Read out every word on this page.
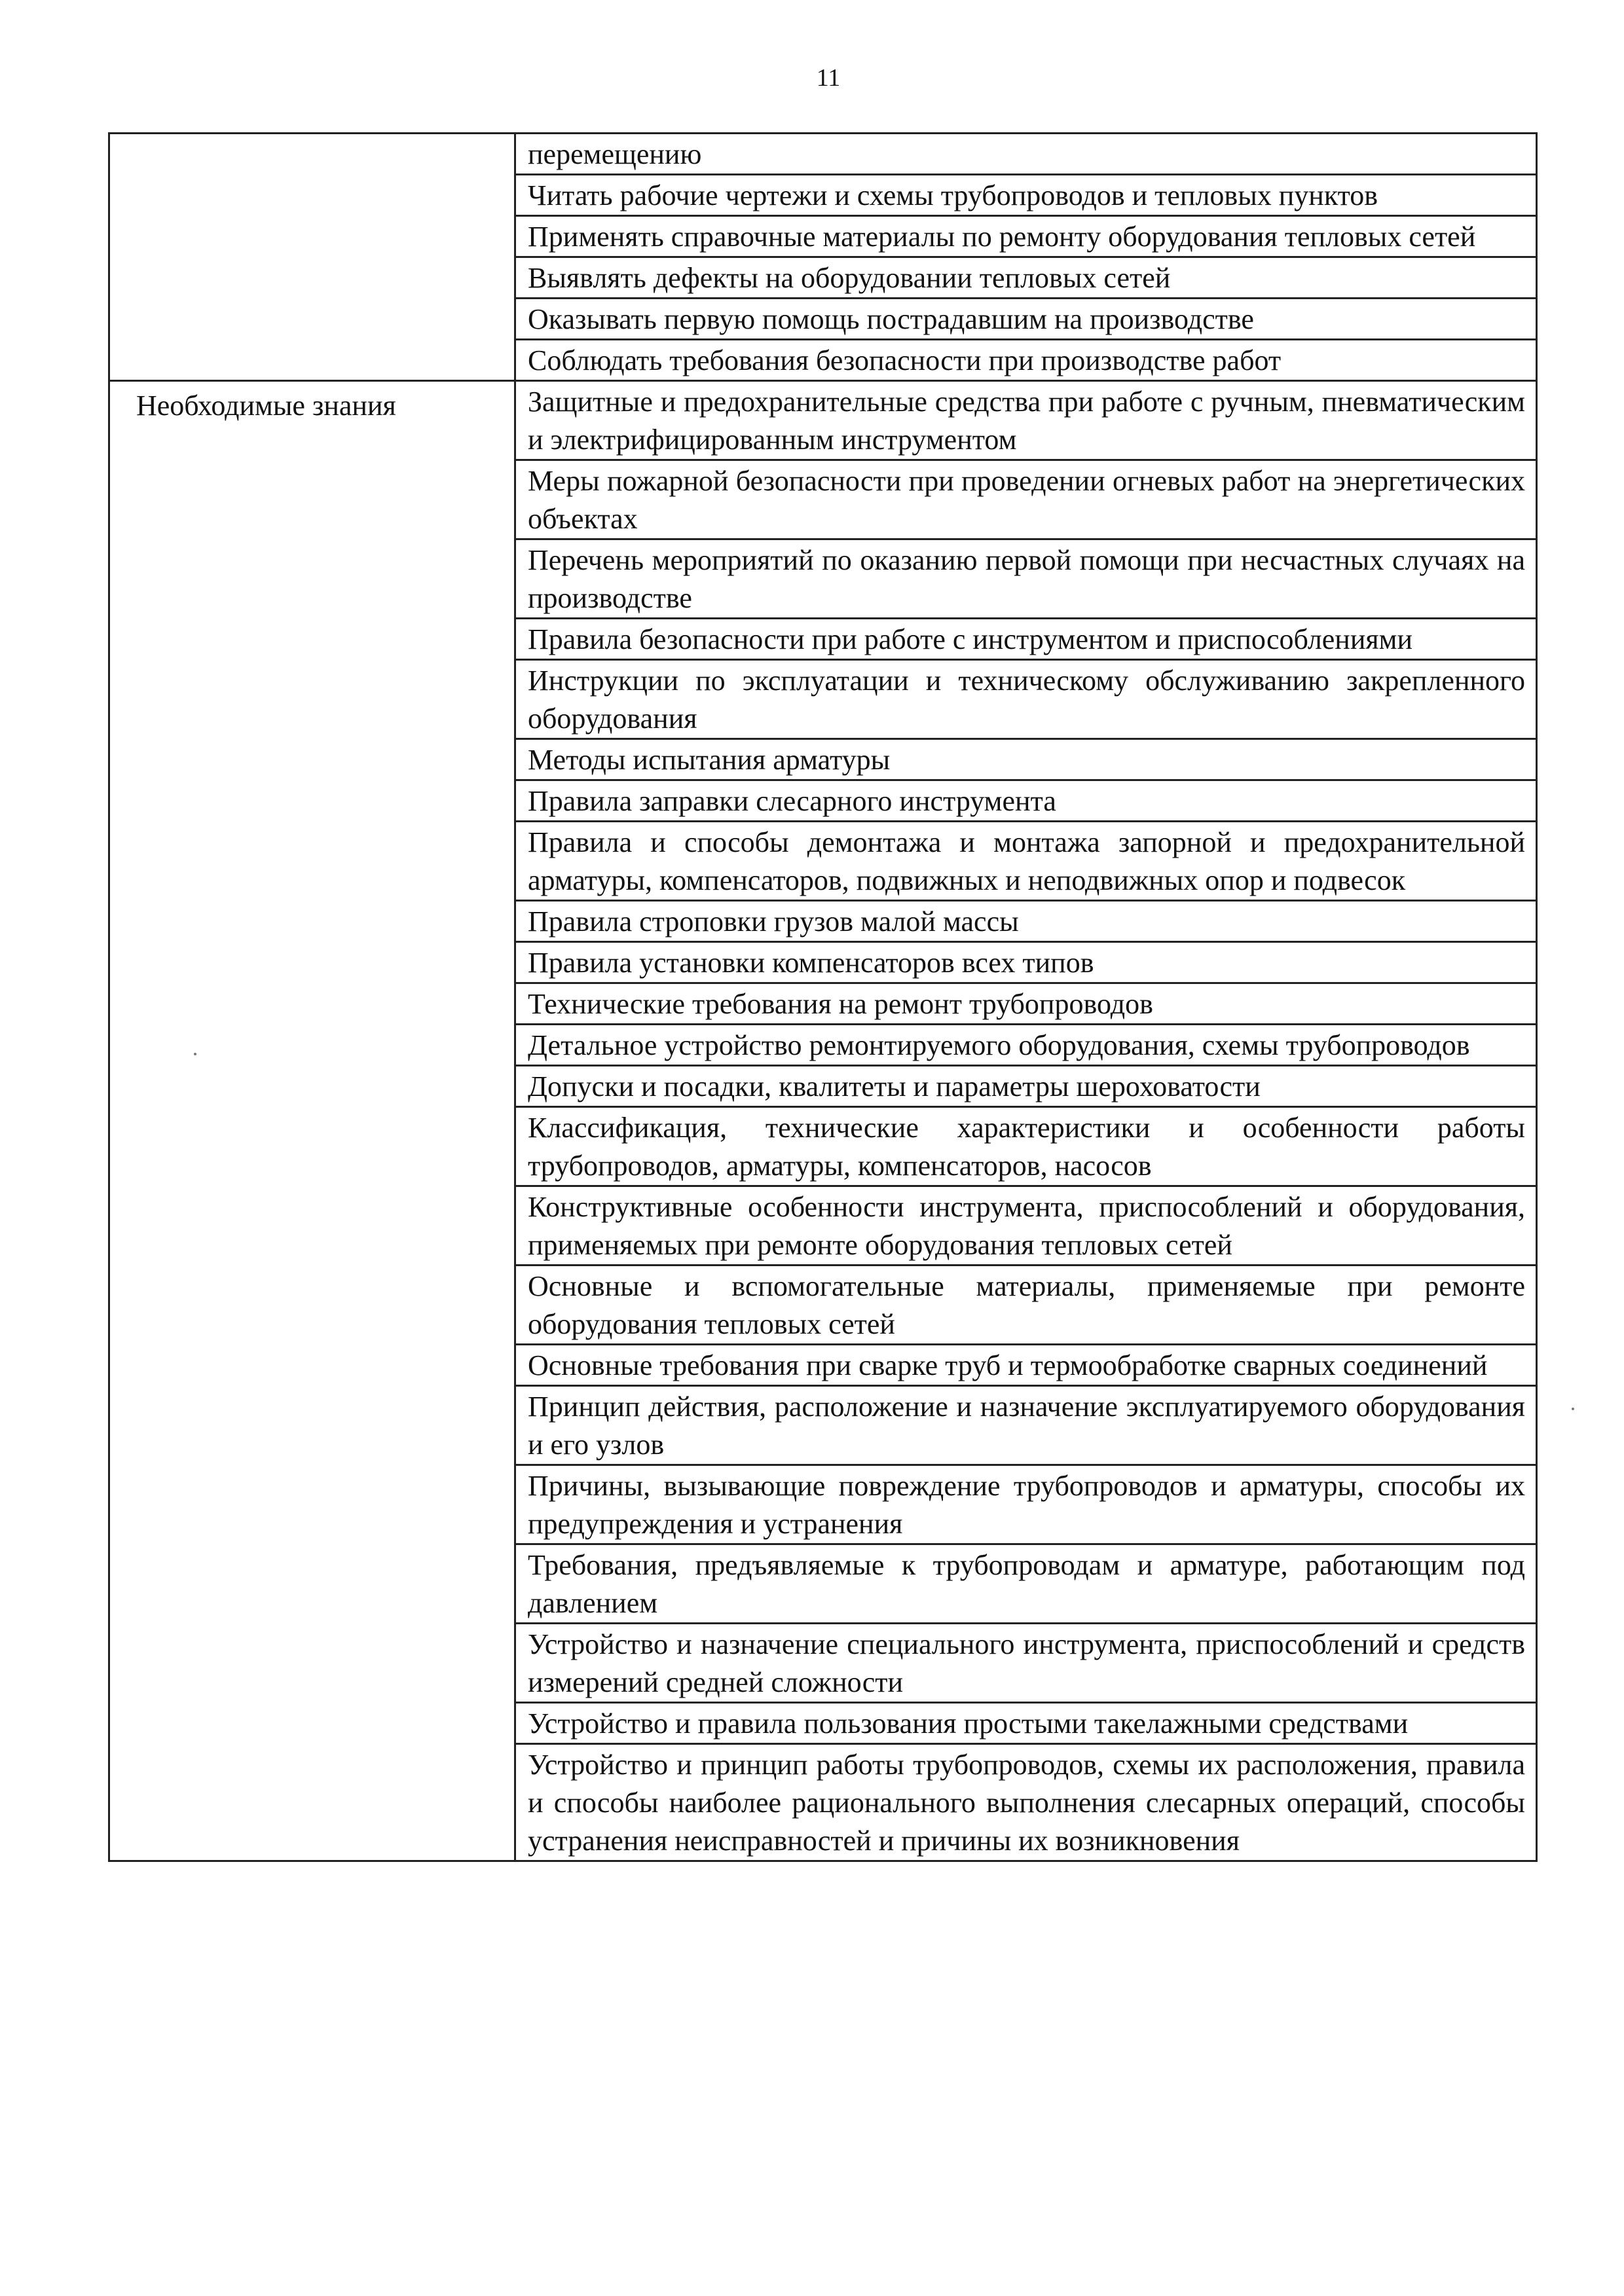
11
	перемещению
	Читать рабочие чертежи и схемы трубопроводов и тепловых пунктов
	Применять справочные материалы по ремонту оборудования тепловых сетей
	Выявлять дефекты на оборудовании тепловых сетей
	Оказывать первую помощь пострадавшим на производстве
	Соблюдать требования безопасности при производстве работ
Необходимые знания	Защитные и предохранительные средства при работе с ручным, пневматическим и электрифицированным инструментом
	Меры пожарной безопасности при проведении огневых работ на энергетических объектах
	Перечень мероприятий по оказанию первой помощи при несчастных случаях на производстве
	Правила безопасности при работе с инструментом и приспособлениями
	Инструкции по эксплуатации и техническому обслуживанию закрепленного оборудования
	Методы испытания арматуры
	Правила заправки слесарного инструмента
	Правила и способы демонтажа и монтажа запорной и предохранительной арматуры, компенсаторов, подвижных и неподвижных опор и подвесок
	Правила строповки грузов малой массы
	Правила установки компенсаторов всех типов
	Технические требования на ремонт трубопроводов
	Детальное устройство ремонтируемого оборудования, схемы трубопроводов
	Допуски и посадки, квалитеты и параметры шероховатости
	Классификация, технические характеристики и особенности работы трубопроводов, арматуры, компенсаторов, насосов
	Конструктивные особенности инструмента, приспособлений и оборудования, применяемых при ремонте оборудования тепловых сетей
	Основные и вспомогательные материалы, применяемые при ремонте оборудования тепловых сетей
	Основные требования при сварке труб и термообработке сварных соединений
	Принцип действия, расположение и назначение эксплуатируемого оборудования и его узлов
	Причины, вызывающие повреждение трубопроводов и арматуры, способы их предупреждения и устранения
	Требования, предъявляемые к трубопроводам и арматуре, работающим под давлением
	Устройство и назначение специального инструмента, приспособлений и средств измерений средней сложности
	Устройство и правила пользования простыми такелажными средствами
	Устройство и принцип работы трубопроводов, схемы их расположения, правила и способы наиболее рационального выполнения слесарных операций, способы устранения неисправностей и причины их возникновения
